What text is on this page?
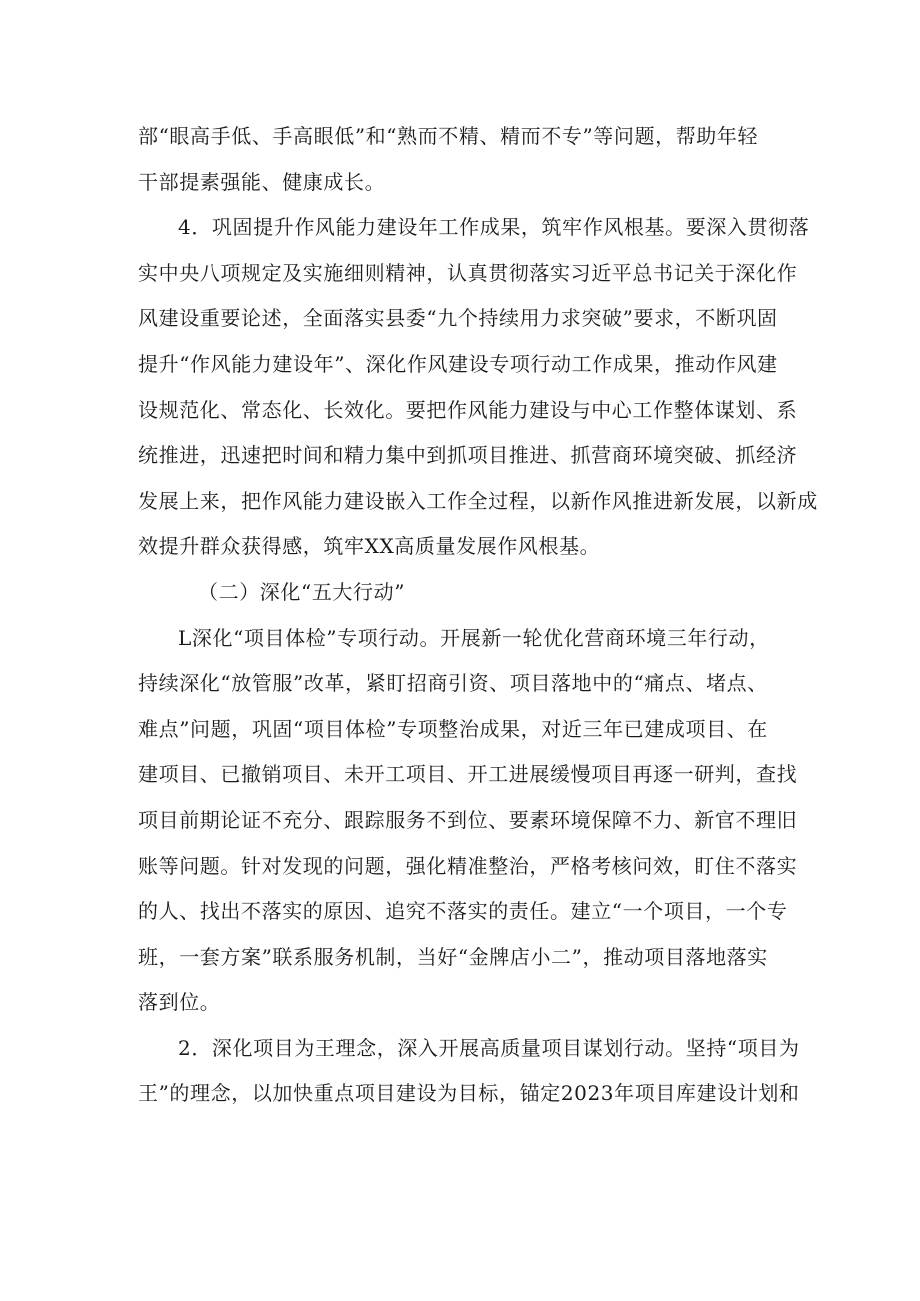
部“眼高手低、手高眼低”和“熟而不精、精而不专”等问题，帮助年轻
干部提素强能、健康成长。

4．巩固提升作风能力建设年工作成果，筑牢作风根基。要深入贯彻落
实中央八项规定及实施细则精神，认真贯彻落实习近平总书记关于深化作
风建设重要论述，全面落实县委“九个持续用力求突破”要求，不断巩固
提升“作风能力建设年”、深化作风建设专项行动工作成果，推动作风建
设规范化、常态化、长效化。要把作风能力建设与中心工作整体谋划、系
统推进，迅速把时间和精力集中到抓项目推进、抓营商环境突破、抓经济
发展上来，把作风能力建设嵌入工作全过程，以新作风推进新发展，以新成
效提升群众获得感，筑牢XX高质量发展作风根基。

（二）深化“五大行动”

L深化“项目体检”专项行动。开展新一轮优化营商环境三年行动，
持续深化“放管服”改革，紧盯招商引资、项目落地中的“痛点、堵点、
难点”问题，巩固“项目体检”专项整治成果，对近三年已建成项目、在
建项目、已撤销项目、未开工项目、开工进展缓慢项目再逐一研判，查找
项目前期论证不充分、跟踪服务不到位、要素环境保障不力、新官不理旧
账等问题。针对发现的问题，强化精准整治，严格考核问效，盯住不落实
的人、找出不落实的原因、追究不落实的责任。建立“一个项目，一个专
班，一套方案”联系服务机制，当好“金牌店小二”，推动项目落地落实
落到位。

2．深化项目为王理念，深入开展高质量项目谋划行动。坚持“项目为
王”的理念，以加快重点项目建设为目标，锚定2023年项目库建设计划和
